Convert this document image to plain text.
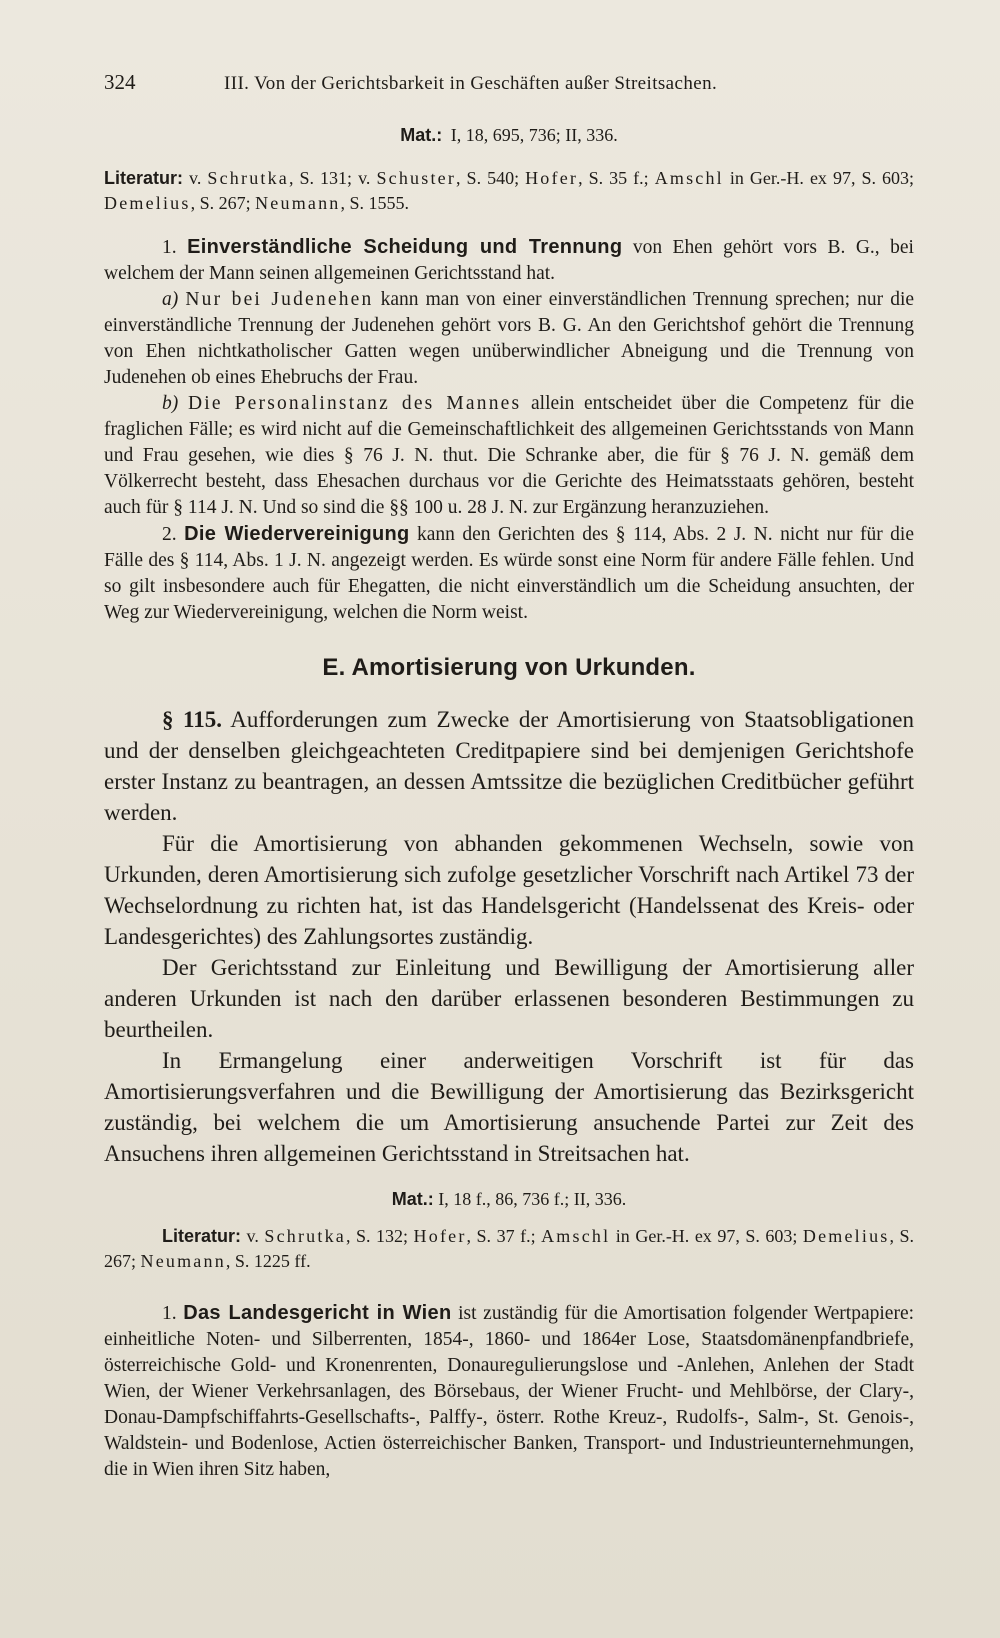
324	III. Von der Gerichtsbarkeit in Geschäften außer Streitsachen.

Mat.: I, 18, 695, 736; II, 336.

Literatur: v. Schrutka, S. 131; v. Schuster, S. 540; Hofer, S. 35 f.; Amschl in Ger.-H. ex 97, S. 603; Demelius, S. 267; Neumann, S. 1555.

1. Einverständliche Scheidung und Trennung von Ehen gehört vors B. G., bei welchem der Mann seinen allgemeinen Gerichtsstand hat.

a) Nur bei Judenehen kann man von einer einverständlichen Trennung sprechen; nur die einverständliche Trennung der Judenehen gehört vors B. G. An den Gerichtshof gehört die Trennung von Ehen nichtkatholischer Gatten wegen unüberwindlicher Abneigung und die Trennung von Judenehen ob eines Ehebruchs der Frau.

b) Die Personalinstanz des Mannes allein entscheidet über die Competenz für die fraglichen Fälle; es wird nicht auf die Gemeinschaftlichkeit des allgemeinen Gerichtsstands von Mann und Frau gesehen, wie dies § 76 J. N. thut. Die Schranke aber, die für § 76 J. N. gemäß dem Völkerrecht besteht, dass Ehesachen durchaus vor die Gerichte des Heimatsstaats gehören, besteht auch für § 114 J. N. Und so sind die §§ 100 u. 28 J. N. zur Ergänzung heranzuziehen.

2. Die Wiedervereinigung kann den Gerichten des § 114, Abs. 2 J. N. nicht nur für die Fälle des § 114, Abs. 1 J. N. angezeigt werden. Es würde sonst eine Norm für andere Fälle fehlen. Und so gilt insbesondere auch für Ehegatten, die nicht einverständlich um die Scheidung ansuchten, der Weg zur Wiedervereinigung, welchen die Norm weist.

E. Amortisierung von Urkunden.

§ 115. Aufforderungen zum Zwecke der Amortisierung von Staatsobligationen und der denselben gleichgeachteten Creditpapiere sind bei demjenigen Gerichtshofe erster Instanz zu beantragen, an dessen Amtssitze die bezüglichen Creditbücher geführt werden.

Für die Amortisierung von abhanden gekommenen Wechseln, sowie von Urkunden, deren Amortisierung sich zufolge gesetzlicher Vorschrift nach Artikel 73 der Wechselordnung zu richten hat, ist das Handelsgericht (Handelssenat des Kreis- oder Landesgerichtes) des Zahlungsortes zuständig.

Der Gerichtsstand zur Einleitung und Bewilligung der Amortisierung aller anderen Urkunden ist nach den darüber erlassenen besonderen Bestimmungen zu beurtheilen.

In Ermangelung einer anderweitigen Vorschrift ist für das Amortisierungsverfahren und die Bewilligung der Amortisierung das Bezirksgericht zuständig, bei welchem die um Amortisierung ansuchende Partei zur Zeit des Ansuchens ihren allgemeinen Gerichtsstand in Streitsachen hat.

Mat.: I, 18 f., 86, 736 f.; II, 336.

Literatur: v. Schrutka, S. 132; Hofer, S. 37 f.; Amschl in Ger.-H. ex 97, S. 603; Demelius, S. 267; Neumann, S. 1225 ff.

1. Das Landesgericht in Wien ist zuständig für die Amortisation folgender Wertpapiere: einheitliche Noten- und Silberrenten, 1854-, 1860- und 1864er Lose, Staatsdomänenpfandbriefe, österreichische Gold- und Kronenrenten, Donauregulierungslose und -Anlehen, Anlehen der Stadt Wien, der Wiener Verkehrsanlagen, des Börsebaus, der Wiener Frucht- und Mehlbörse, der Clary-, Donau-Dampfschiffahrts-Gesellschafts-, Palffy-, österr. Rothe Kreuz-, Rudolfs-, Salm-, St. Genois-, Waldstein- und Bodenlose, Actien österreichischer Banken, Transport- und Industrieunternehmungen, die in Wien ihren Sitz haben,
